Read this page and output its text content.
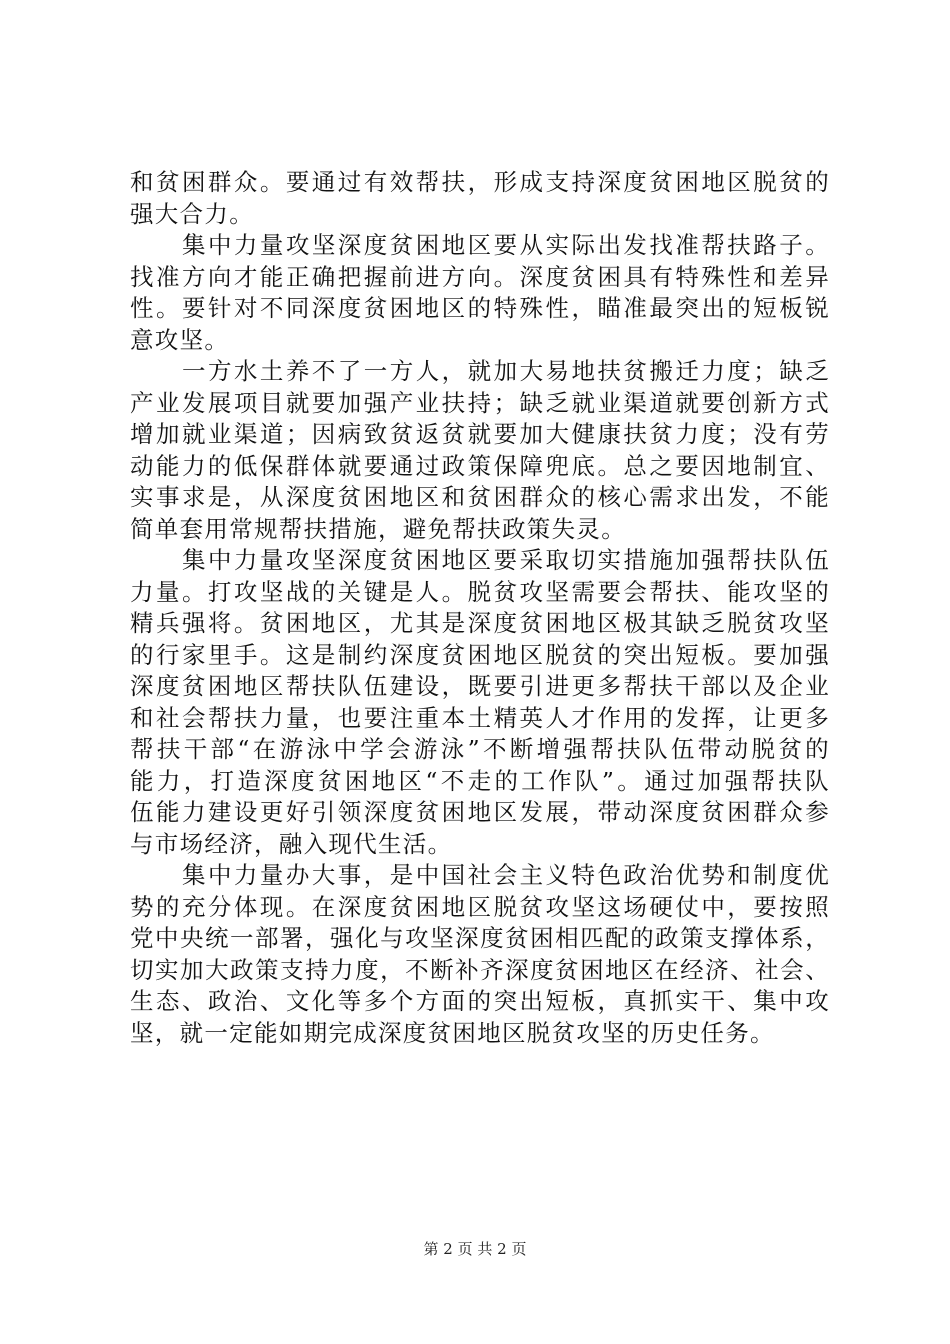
和贫困群众。要通过有效帮扶，形成支持深度贫困地区脱贫的
强大合力。
集中力量攻坚深度贫困地区要从实际出发找准帮扶路子。
找准方向才能正确把握前进方向。深度贫困具有特殊性和差异
性。要针对不同深度贫困地区的特殊性，瞄准最突出的短板锐
意攻坚。
一方水土养不了一方人，就加大易地扶贫搬迁力度；缺乏
产业发展项目就要加强产业扶持；缺乏就业渠道就要创新方式
增加就业渠道；因病致贫返贫就要加大健康扶贫力度；没有劳
动能力的低保群体就要通过政策保障兜底。总之要因地制宜、
实事求是，从深度贫困地区和贫困群众的核心需求出发，不能
简单套用常规帮扶措施，避免帮扶政策失灵。
集中力量攻坚深度贫困地区要采取切实措施加强帮扶队伍
力量。打攻坚战的关键是人。脱贫攻坚需要会帮扶、能攻坚的
精兵强将。贫困地区，尤其是深度贫困地区极其缺乏脱贫攻坚
的行家里手。这是制约深度贫困地区脱贫的突出短板。要加强
深度贫困地区帮扶队伍建设，既要引进更多帮扶干部以及企业
和社会帮扶力量，也要注重本土精英人才作用的发挥，让更多
帮扶干部“在游泳中学会游泳”不断增强帮扶队伍带动脱贫的
能力，打造深度贫困地区“不走的工作队”。通过加强帮扶队
伍能力建设更好引领深度贫困地区发展，带动深度贫困群众参
与市场经济，融入现代生活。
集中力量办大事，是中国社会主义特色政治优势和制度优
势的充分体现。在深度贫困地区脱贫攻坚这场硬仗中，要按照
党中央统一部署，强化与攻坚深度贫困相匹配的政策支撑体系，
切实加大政策支持力度，不断补齐深度贫困地区在经济、社会、
生态、政治、文化等多个方面的突出短板，真抓实干、集中攻
坚，就一定能如期完成深度贫困地区脱贫攻坚的历史任务。
第 2 页 共 2 页
